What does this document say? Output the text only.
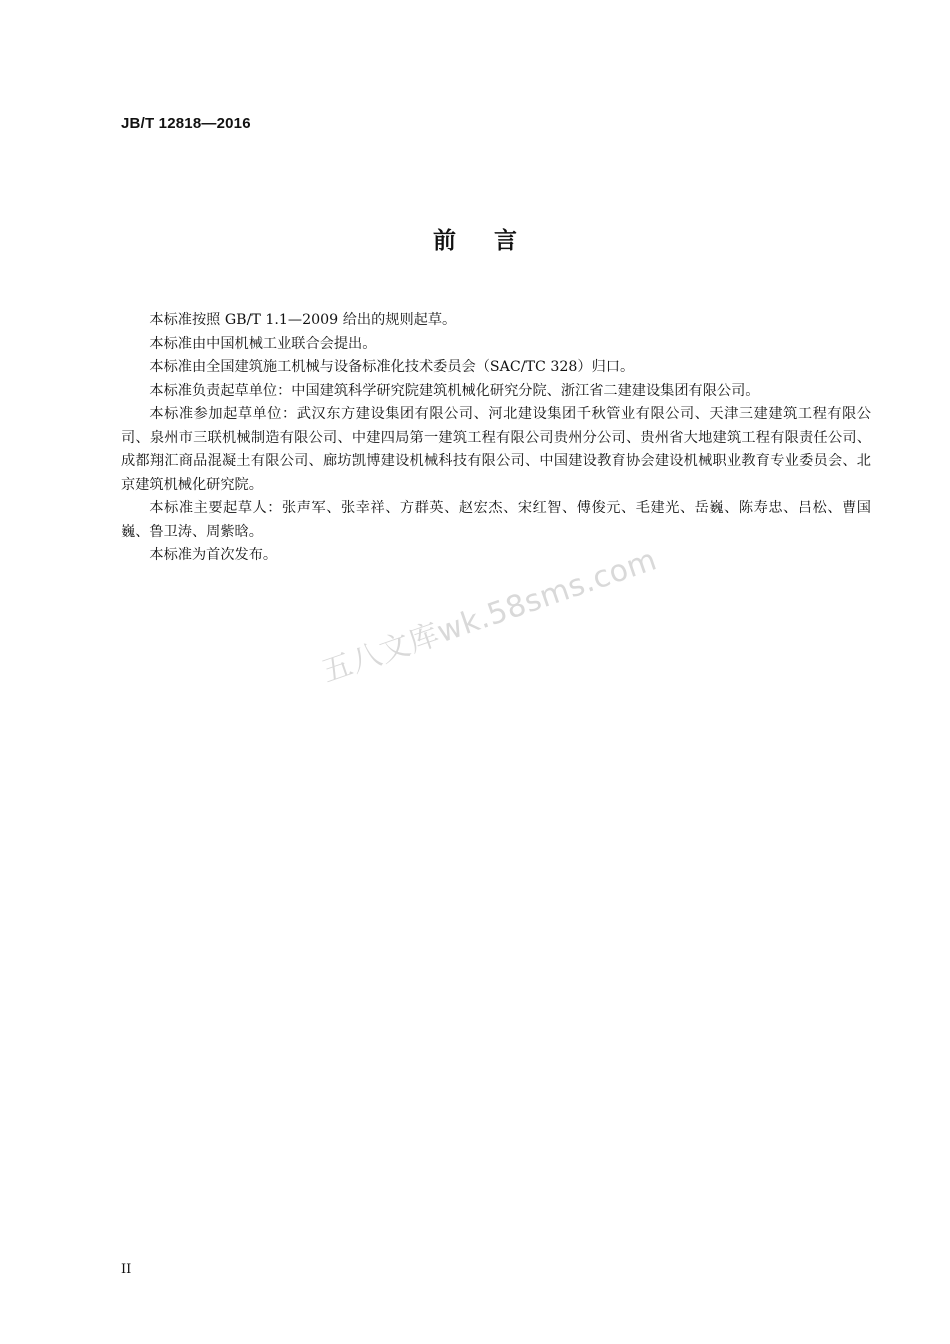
JB/T 12818—2016
前言

本标准按照 GB/T 1.1—2009 给出的规则起草。

本标准由中国机械工业联合会提出。

本标准由全国建筑施工机械与设备标准化技术委员会（SAC/TC 328）归口。

本标准负责起草单位：中国建筑科学研究院建筑机械化研究分院、浙江省二建建设集团有限公司。

本标准参加起草单位：武汉东方建设集团有限公司、河北建设集团千秋管业有限公司、天津三建建筑工程有限公司、泉州市三联机械制造有限公司、中建四局第一建筑工程有限公司贵州分公司、贵州省大地建筑工程有限责任公司、成都翔汇商品混凝土有限公司、廊坊凯博建设机械科技有限公司、中国建设教育协会建设机械职业教育专业委员会、北京建筑机械化研究院。

本标准主要起草人：张声军、张幸祥、方群英、赵宏杰、宋红智、傅俊元、毛建光、岳巍、陈寿忠、吕松、曹国巍、鲁卫涛、周紫晗。

本标准为首次发布。	五八文库wk.58sms.com
II
